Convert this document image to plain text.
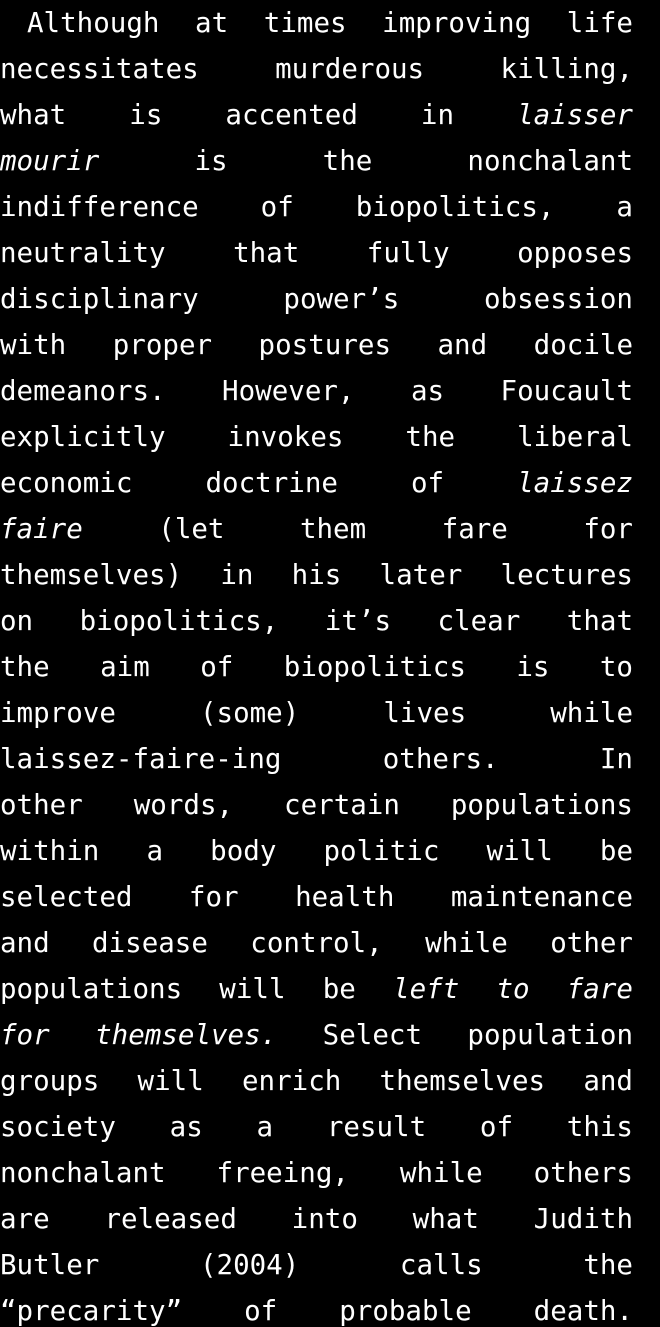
Although at times improving life
necessitates murderous killing,
what is accented in laisser
mourir is the nonchalant
indifference of biopolitics, a
neutrality that fully opposes
disciplinary power’s obsession
with proper postures and docile
demeanors. However, as Foucault
explicitly invokes the liberal
economic doctrine of laissez
faire (let them fare for
themselves) in his later lectures
on biopolitics, it’s clear that
the aim of biopolitics is to
improve (some) lives while
laissez-faire-ing others. In
other words, certain populations
within a body politic will be
selected for health maintenance
and disease control, while other
populations will be left to fare
for themselves. Select population
groups will enrich themselves and
society as a result of this
nonchalant freeing, while others
are released into what Judith
Butler (2004) calls the
“precarity” of probable death.
